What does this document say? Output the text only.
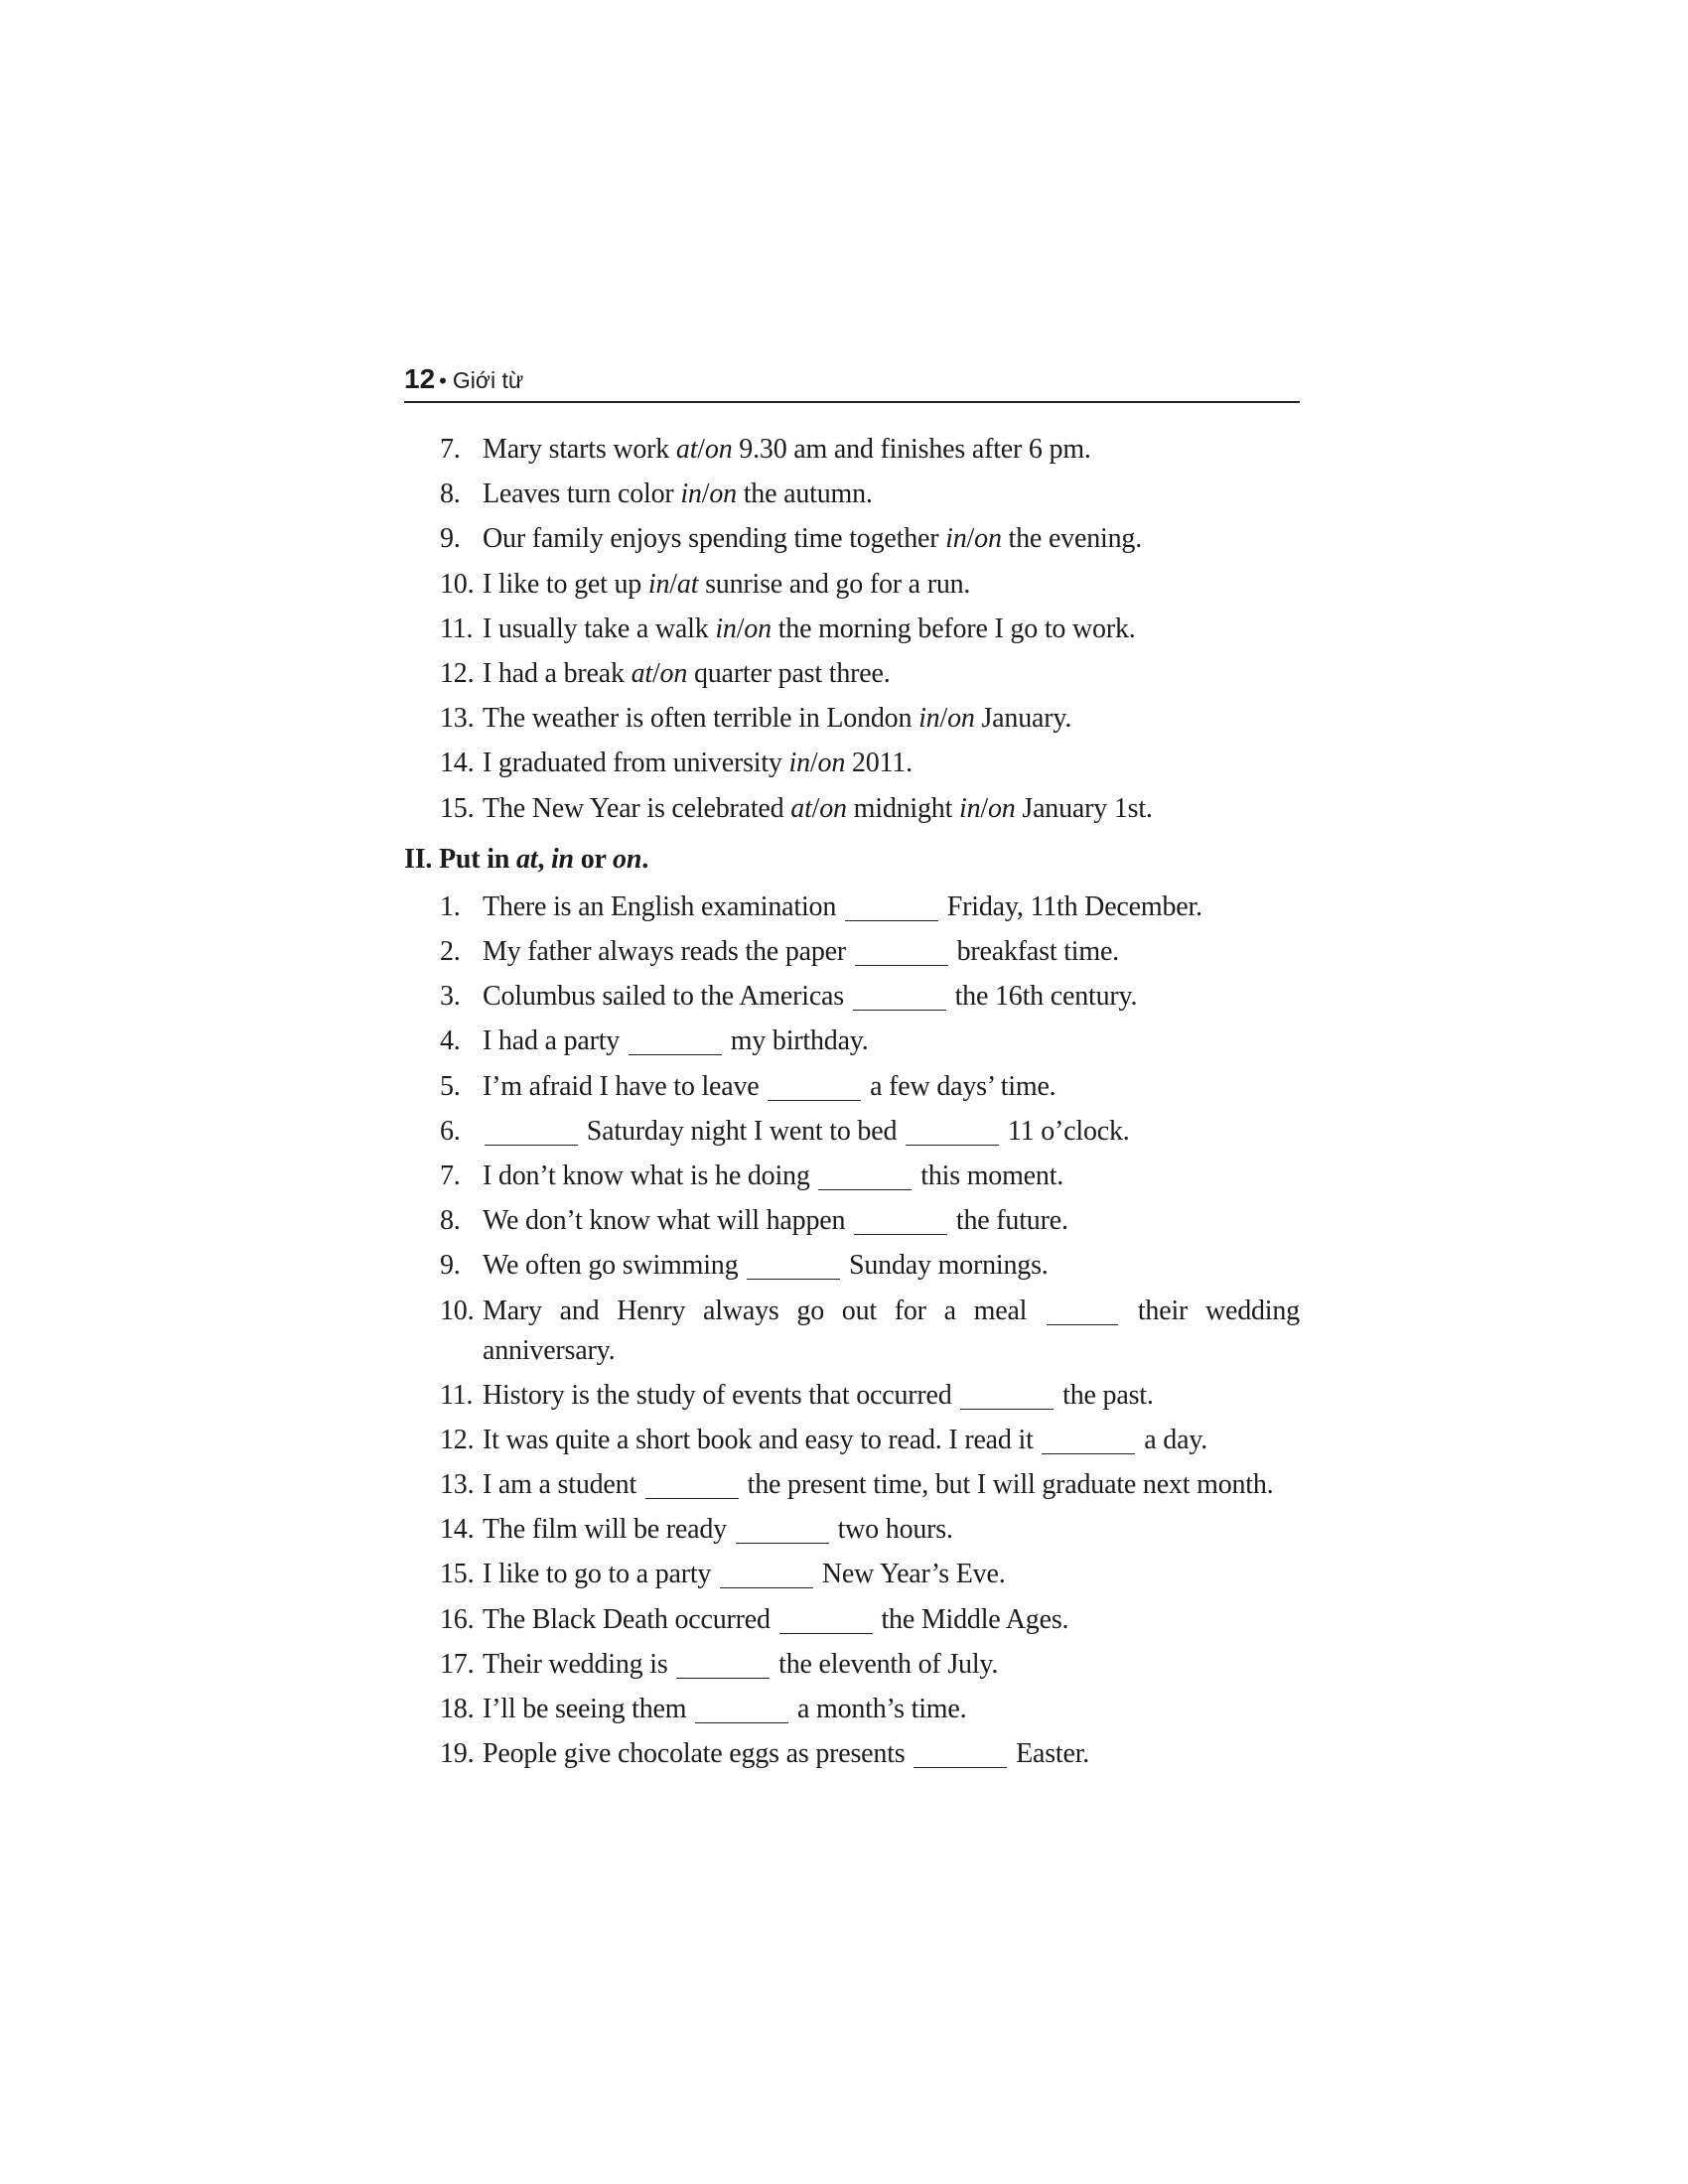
12 • Giới từ
7. Mary starts work at/on 9.30 am and finishes after 6 pm.
8. Leaves turn color in/on the autumn.
9. Our family enjoys spending time together in/on the evening.
10. I like to get up in/at sunrise and go for a run.
11. I usually take a walk in/on the morning before I go to work.
12. I had a break at/on quarter past three.
13. The weather is often terrible in London in/on January.
14. I graduated from university in/on 2011.
15. The New Year is celebrated at/on midnight in/on January 1st.
II. Put in at, in or on.
1. There is an English examination	Friday, 11th December.
2. My father always reads the paper	breakfast time.
3. Columbus sailed to the Americas	the 16th century.
4. I had a party	my birthday.
5. I’m afraid I have to leave	a few days’ time.
6.	Saturday night I went to bed	11 o’clock.
7. I don’t know what is he doing	this moment.
8. We don’t know what will happen	the future.
9. We often go swimming	Sunday mornings.
10. Mary and Henry always go out for a meal	their wedding anniversary.
11. History is the study of events that occurred	the past.
12. It was quite a short book and easy to read. I read it	a day.
13. I am a student	the present time, but I will graduate next month.
14. The film will be ready	two hours.
15. I like to go to a party	New Year’s Eve.
16. The Black Death occurred	the Middle Ages.
17. Their wedding is	the eleventh of July.
18. I’ll be seeing them	a month’s time.
19. People give chocolate eggs as presents	Easter.
